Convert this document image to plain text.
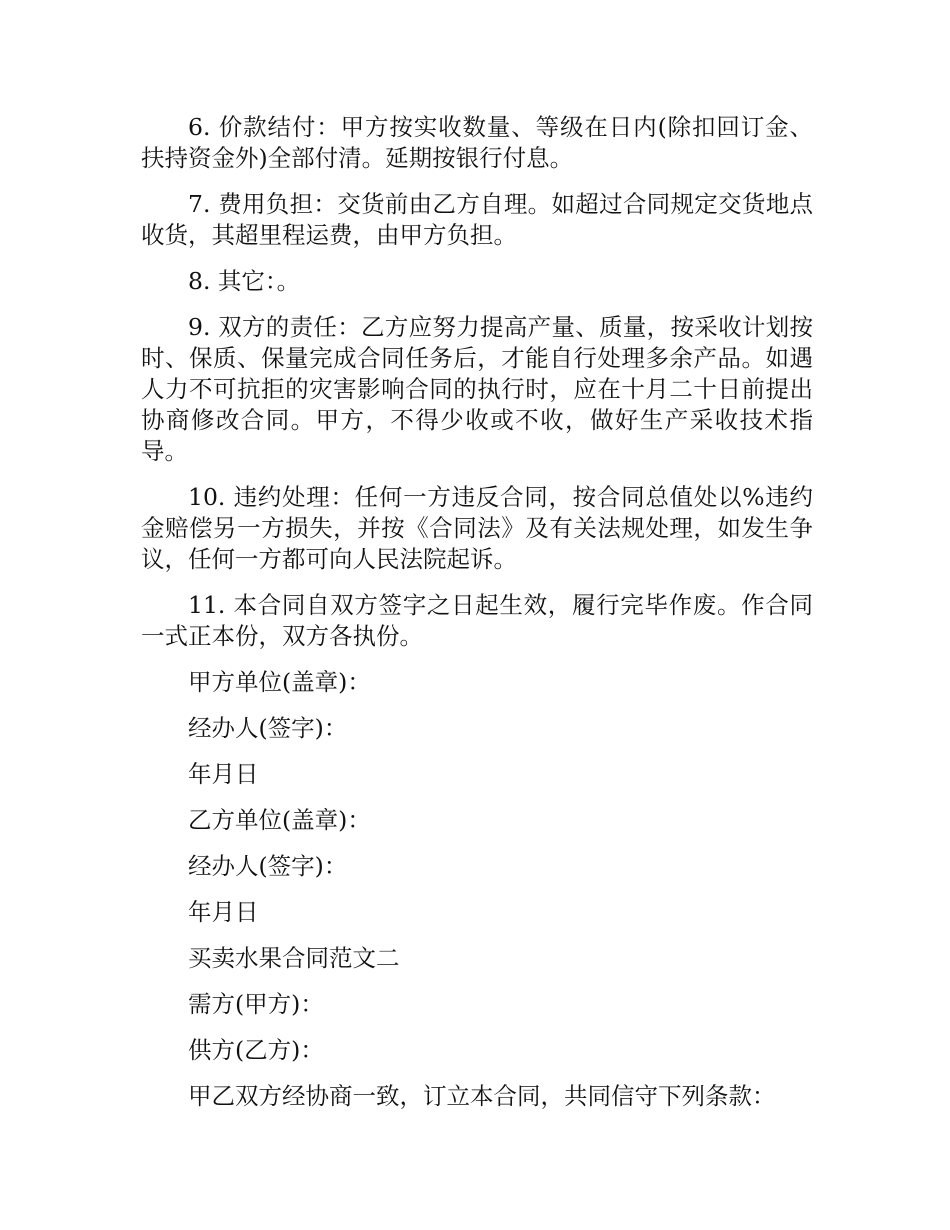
6. 价款结付：甲方按实收数量、等级在日内(除扣回订金、扶持资金外)全部付清。延期按银行付息。

7. 费用负担：交货前由乙方自理。如超过合同规定交货地点收货，其超里程运费，由甲方负担。

8. 其它：。

9. 双方的责任：乙方应努力提高产量、质量，按采收计划按时、保质、保量完成合同任务后，才能自行处理多余产品。如遇人力不可抗拒的灾害影响合同的执行时，应在十月二十日前提出协商修改合同。甲方，不得少收或不收，做好生产采收技术指导。

10. 违约处理：任何一方违反合同，按合同总值处以%违约金赔偿另一方损失，并按《合同法》及有关法规处理，如发生争议，任何一方都可向人民法院起诉。

11. 本合同自双方签字之日起生效，履行完毕作废。作合同一式正本份，双方各执份。

甲方单位(盖章)：

经办人(签字)：

年月日

乙方单位(盖章)：

经办人(签字)：

年月日

买卖水果合同范文二

需方(甲方)：

供方(乙方)：

甲乙双方经协商一致，订立本合同，共同信守下列条款：
